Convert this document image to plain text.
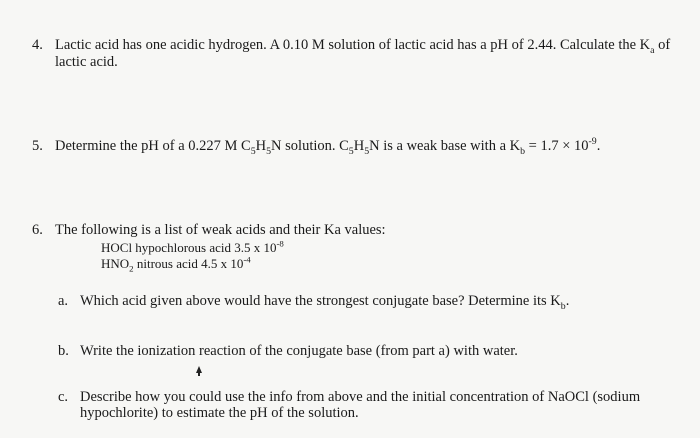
4. Lactic acid has one acidic hydrogen. A 0.10 M solution of lactic acid has a pH of 2.44. Calculate the $K_a$ of
lactic acid.
5. Determine the pH of a 0.227 M $C_5H_5N$ solution. $C_5H_5N$ is a weak base with a $K_b = 1.7 \times 10^{-9}$.
6. The following is a list of weak acids and their Ka values:
HOCl hypochlorous acid 3.5 x $10^{-8}$
$HNO_2$ nitrous acid 4.5 x $10^{-4}$
a. Which acid given above would have the strongest conjugate base? Determine its $K_b$.
b. Write the ionization reaction of the conjugate base (from part a) with water.
c. Describe how you could use the info from above and the initial concentration of NaOCl (sodium
hypochlorite) to estimate the pH of the solution.
